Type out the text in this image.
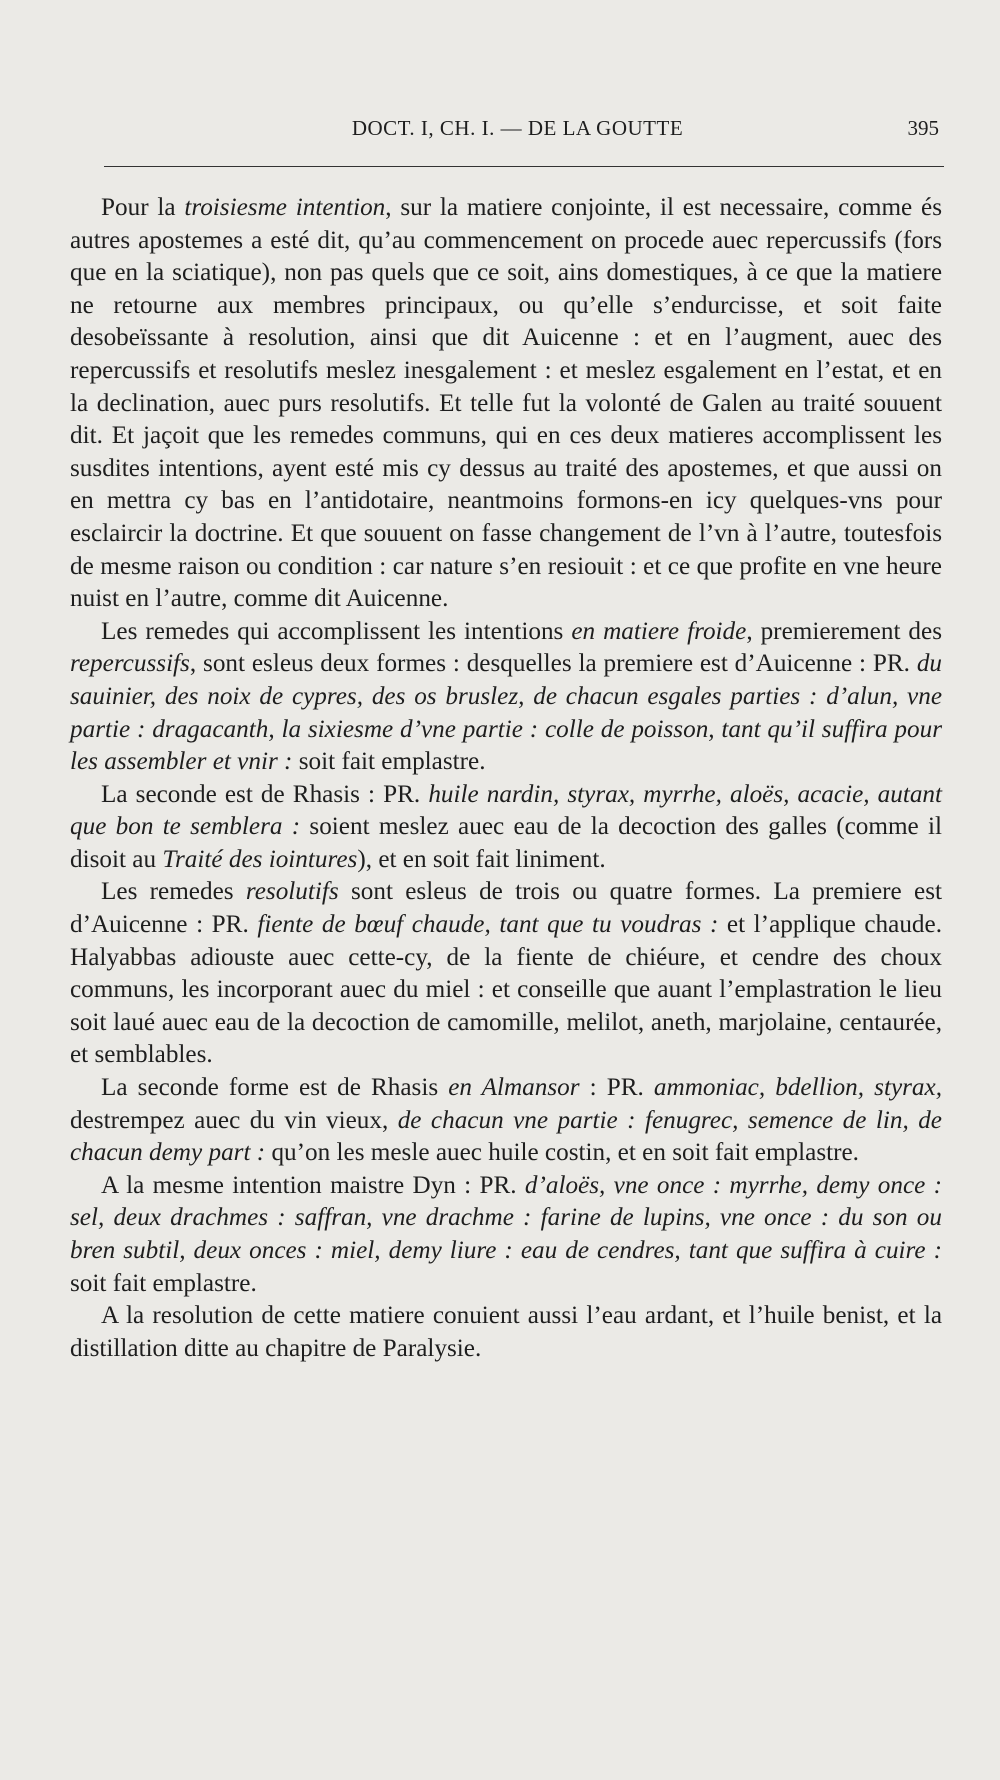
DOCT. I, CH. I. — DE LA GOUTTE	395

Pour la troisiesme intention, sur la matiere conjointe, il est necessaire, comme és autres apostemes a esté dit, qu’au commencement on procede auec repercussifs (fors que en la sciatique), non pas quels que ce soit, ains domestiques, à ce que la matiere ne retourne aux membres principaux, ou qu’elle s’endurcisse, et soit faite desobeïssante à resolution, ainsi que dit Auicenne : et en l’augment, auec des repercussifs et resolutifs meslez inesgalement : et meslez esgalement en l’estat, et en la declination, auec purs resolutifs. Et telle fut la volonté de Galen au traité souuent dit. Et jaçoit que les remedes communs, qui en ces deux matieres accomplissent les susdites intentions, ayent esté mis cy dessus au traité des apostemes, et que aussi on en mettra cy bas en l’antidotaire, neantmoins formons-en icy quelques-vns pour esclaircir la doctrine. Et que souuent on fasse changement de l’vn à l’autre, toutesfois de mesme raison ou condition : car nature s’en resiouit : et ce que profite en vne heure nuist en l’autre, comme dit Auicenne.

Les remedes qui accomplissent les intentions en matiere froide, premierement des repercussifs, sont esleus deux formes : desquelles la premiere est d’Auicenne : PR. du sauinier, des noix de cypres, des os bruslez, de chacun esgales parties : d’alun, vne partie : dragacanth, la sixiesme d’vne partie : colle de poisson, tant qu’il suffira pour les assembler et vnir : soit fait emplastre.

La seconde est de Rhasis : PR. huile nardin, styrax, myrrhe, aloës, acacie, autant que bon te semblera : soient meslez auec eau de la decoction des galles (comme il disoit au Traité des iointures), et en soit fait liniment.

Les remedes resolutifs sont esleus de trois ou quatre formes. La premiere est d’Auicenne : PR. fiente de bœuf chaude, tant que tu voudras : et l’applique chaude. Halyabbas adiouste auec cette-cy, de la fiente de chiéure, et cendre des choux communs, les incorporant auec du miel : et conseille que auant l’emplastration le lieu soit laué auec eau de la decoction de camomille, melilot, aneth, marjolaine, centaurée, et semblables.

La seconde forme est de Rhasis en Almansor : PR. ammoniac, bdellion, styrax, destrempez auec du vin vieux, de chacun vne partie : fenugrec, semence de lin, de chacun demy part : qu’on les mesle auec huile costin, et en soit fait emplastre.

A la mesme intention maistre Dyn : PR. d’aloës, vne once : myrrhe, demy once : sel, deux drachmes : saffran, vne drachme : farine de lupins, vne once : du son ou bren subtil, deux onces : miel, demy liure : eau de cendres, tant que suffira à cuire : soit fait emplastre.

A la resolution de cette matiere conuient aussi l’eau ardant, et l’huile benist, et la distillation ditte au chapitre de Paralysie.
